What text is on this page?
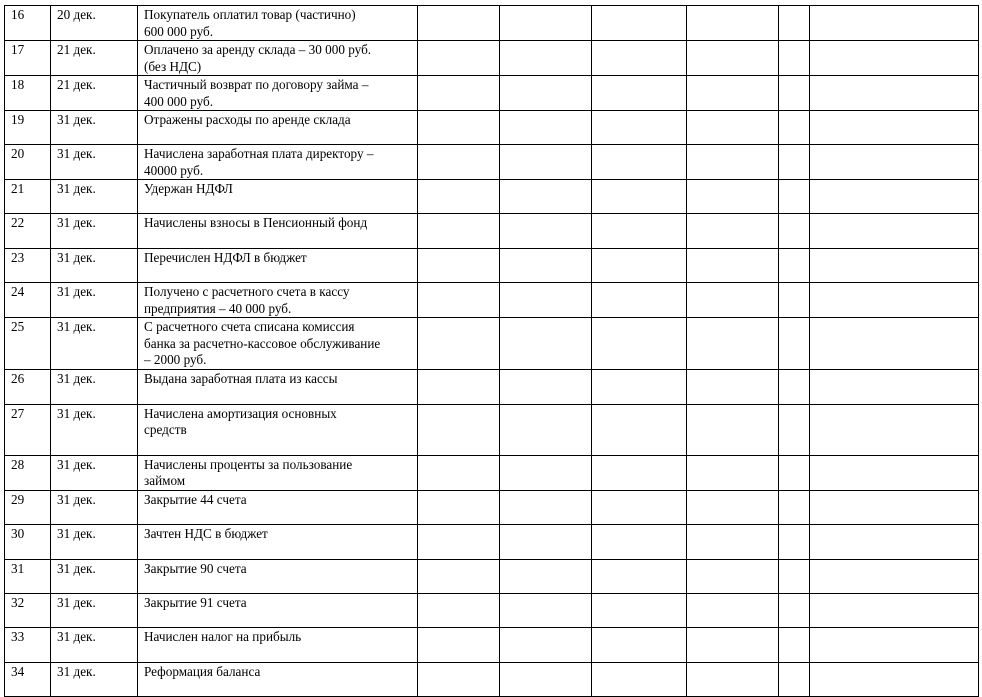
16	20 дек.	Покупатель оплатил товар (частично)
600 000 руб.						

17	21 дек.	Оплачено за аренду склада – 30 000 руб.
(без НДС)						

18	21 дек.	Частичный возврат по договору займа –
400 000 руб.						

19	31 дек.	Отражены расходы по аренде склада						

20	31 дек.	Начислена заработная плата директору –
40000 руб.						

21	31 дек.	Удержан НДФЛ						

22	31 дек.	Начислены взносы в Пенсионный фонд						

23	31 дек.	Перечислен НДФЛ в бюджет						

24	31 дек.	Получено с расчетного счета в кассу
предприятия – 40 000 руб.						

25	31 дек.	С расчетного счета списана комиссия
банка за расчетно-кассовое обслуживание
– 2000 руб.						

26	31 дек.	Выдана заработная плата из кассы						

27	31 дек.	Начислена амортизация основных
средств						

28	31 дек.	Начислены проценты за пользование
займом						

29	31 дек.	Закрытие 44 счета						

30	31 дек.	Зачтен НДС в бюджет						

31	31 дек.	Закрытие 90 счета						

32	31 дек.	Закрытие 91 счета						

33	31 дек.	Начислен налог на прибыль						

34	31 дек.	Реформация баланса						
